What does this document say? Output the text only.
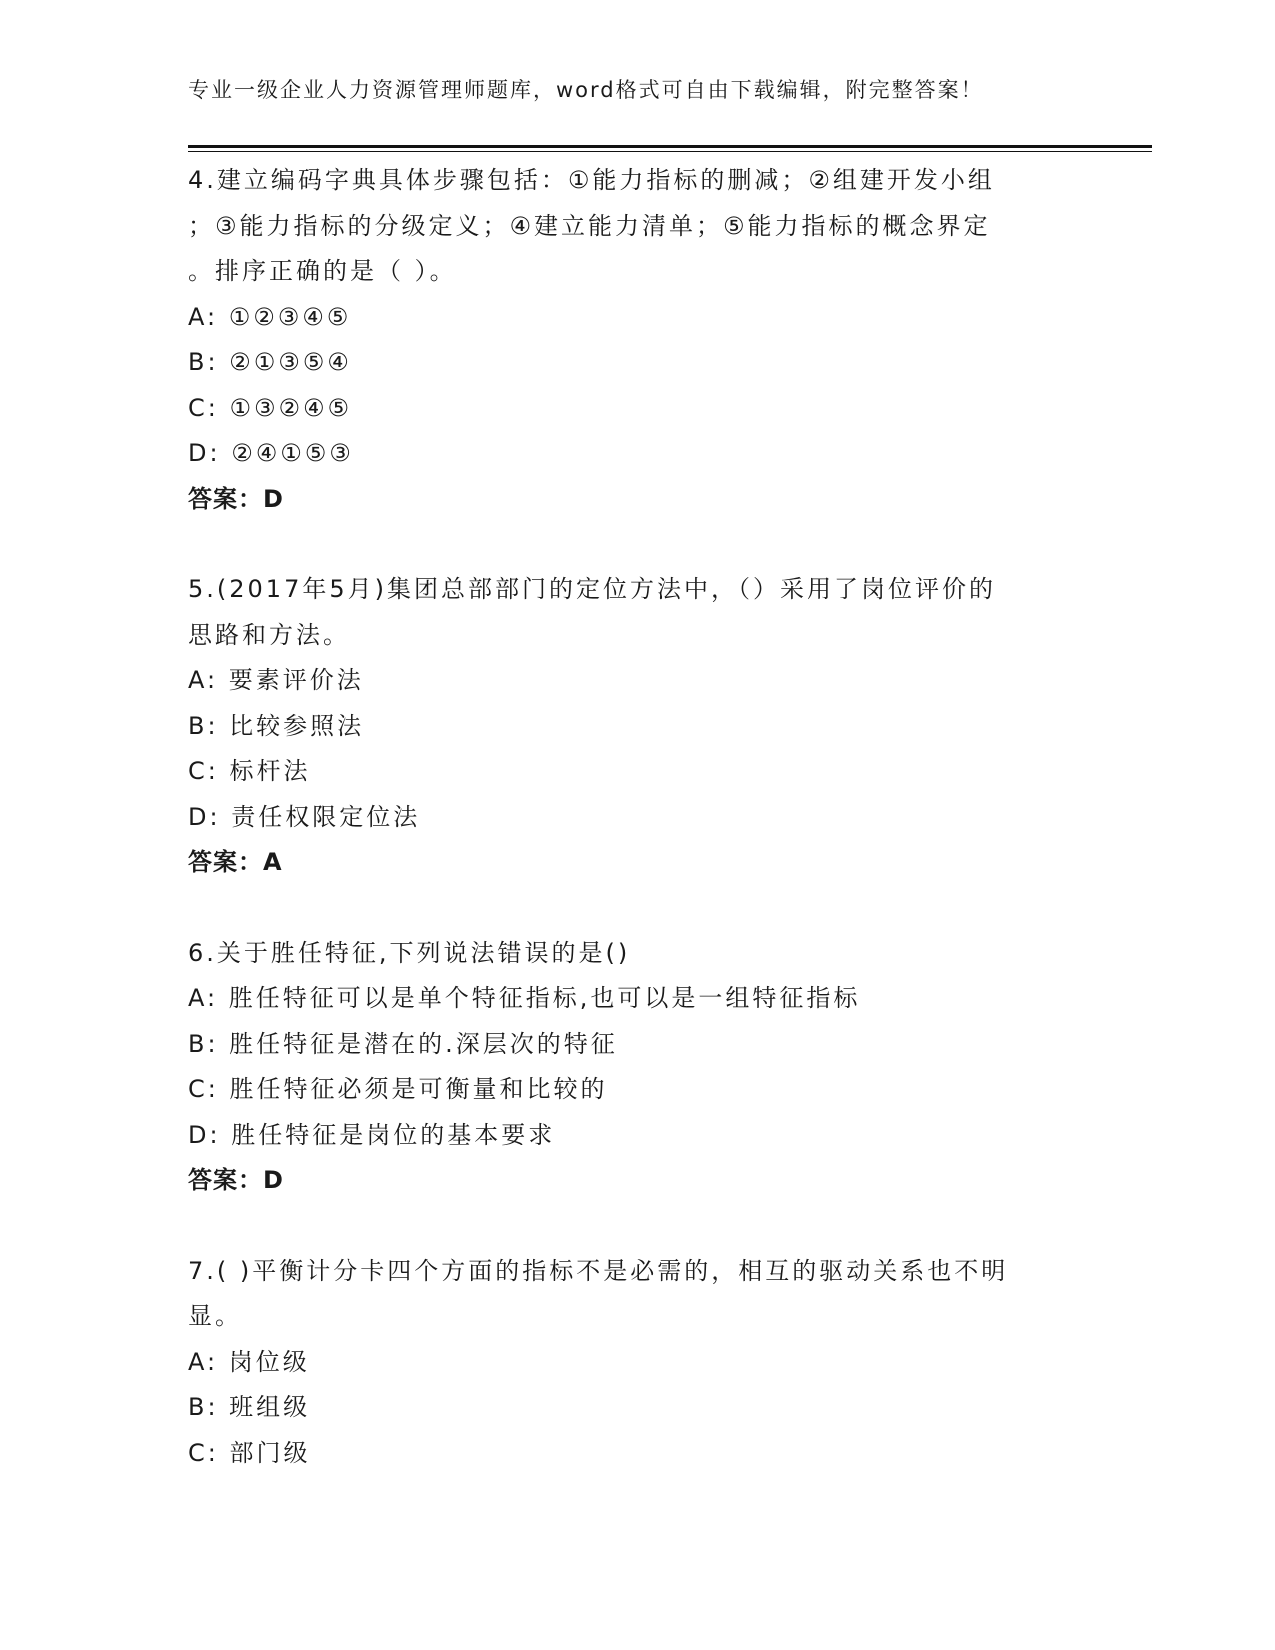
专业一级企业人力资源管理师题库，word格式可自由下载编辑，附完整答案！
4.建立编码字典具体步骤包括：①能力指标的删减；②组建开发小组
；③能力指标的分级定义；④建立能力清单；⑤能力指标的概念界定
。排序正确的是（ ）。
A: ①②③④⑤
B: ②①③⑤④
C: ①③②④⑤
D: ②④①⑤③
答案：D
5.(2017年5月)集团总部部门的定位方法中，（）采用了岗位评价的
思路和方法。
A: 要素评价法
B: 比较参照法
C: 标杆法
D: 责任权限定位法
答案：A
6.关于胜任特征,下列说法错误的是()
A: 胜任特征可以是单个特征指标,也可以是一组特征指标
B: 胜任特征是潜在的.深层次的特征
C: 胜任特征必须是可衡量和比较的
D: 胜任特征是岗位的基本要求
答案：D
7.( )平衡计分卡四个方面的指标不是必需的，相互的驱动关系也不明
显。
A: 岗位级
B: 班组级
C: 部门级
